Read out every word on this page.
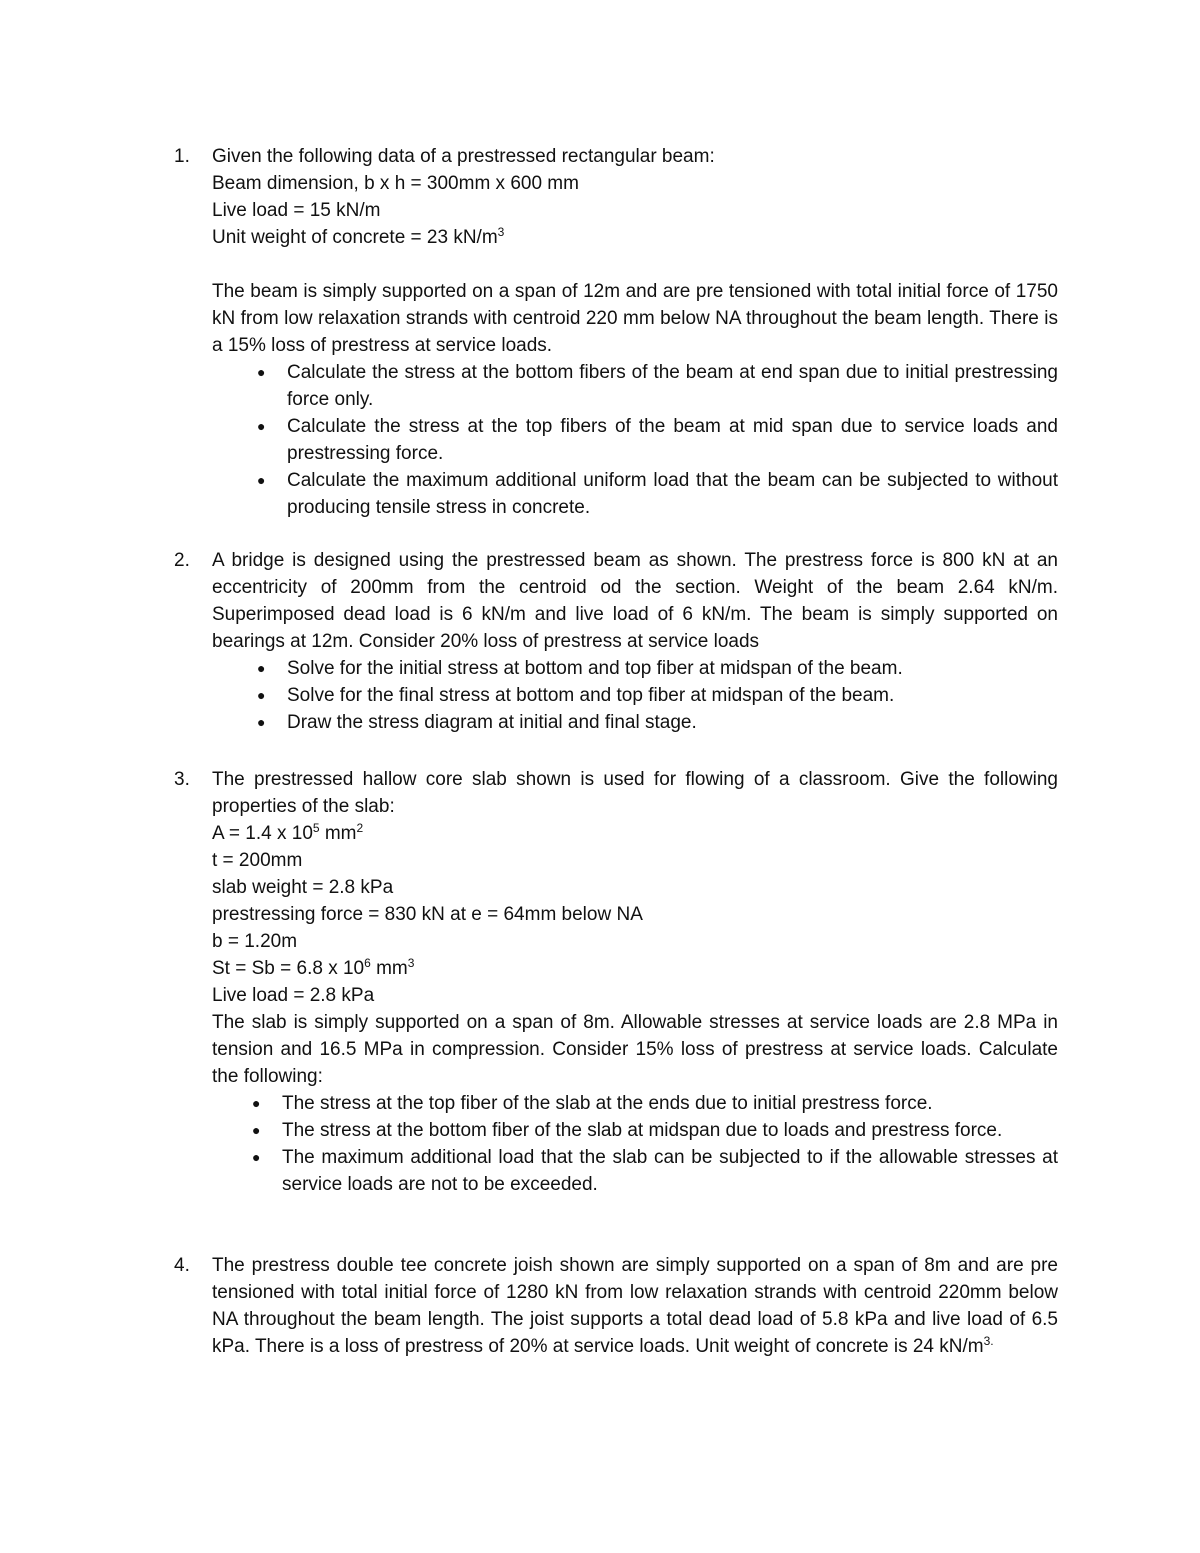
1.	Given the following data of a prestressed rectangular beam:
Beam dimension, b x h = 300mm x 600 mm
Live load = 15 kN/m
Unit weight of concrete = 23 $kN/m^3$
The beam is simply supported on a span of 12m and are pre tensioned with total initial force of 1750 kN from low relaxation strands with centroid 220 mm below NA throughout the beam length. There is a 15% loss of prestress at service loads.
● Calculate the stress at the bottom fibers of the beam at end span due to initial prestressing force only.
● Calculate the stress at the top fibers of the beam at mid span due to service loads and prestressing force.
● Calculate the maximum additional uniform load that the beam can be subjected to without producing tensile stress in concrete.
2.	A bridge is designed using the prestressed beam as shown. The prestress force is 800 kN at an eccentricity of 200mm from the centroid od the section. Weight of the beam 2.64 kN/m. Superimposed dead load is 6 kN/m and live load of 6 kN/m. The beam is simply supported on bearings at 12m. Consider 20% loss of prestress at service loads
● Solve for the initial stress at bottom and top fiber at midspan of the beam.
● Solve for the final stress at bottom and top fiber at midspan of the beam.
● Draw the stress diagram at initial and final stage.
3.	The prestressed hallow core slab shown is used for flowing of a classroom. Give the following properties of the slab:
A = 1.4 x $10^5$ $mm^2$
t = 200mm
slab weight = 2.8 kPa
prestressing force = 830 kN at e = 64mm below NA
b = 1.20m
St = Sb = 6.8 x $10^6$ $mm^3$
Live load = 2.8 kPa
The slab is simply supported on a span of 8m. Allowable stresses at service loads are 2.8 MPa in tension and 16.5 MPa in compression. Consider 15% loss of prestress at service loads. Calculate the following:
● The stress at the top fiber of the slab at the ends due to initial prestress force.
● The stress at the bottom fiber of the slab at midspan due to loads and prestress force.
● The maximum additional load that the slab can be subjected to if the allowable stresses at service loads are not to be exceeded.
4.	The prestress double tee concrete joish shown are simply supported on a span of 8m and are pre tensioned with total initial force of 1280 kN from low relaxation strands with centroid 220mm below NA throughout the beam length. The joist supports a total dead load of 5.8 kPa and live load of 6.5 kPa. There is a loss of prestress of 20% at service loads. Unit weight of concrete is 24 $kN/m^{3.}$
